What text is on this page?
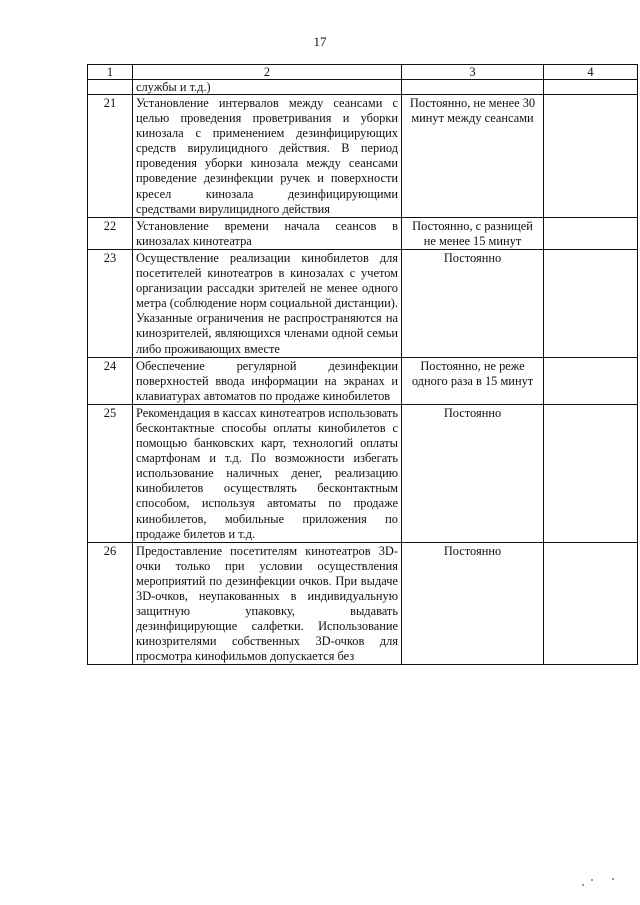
17
1	2	3	4
	службы и т.д.)		
21	Установление интервалов между сеансами с целью проведения проветривания и уборки кинозала с применением дезинфицирующих средств вирулицидного действия. В период проведения уборки кинозала между сеансами проведение дезинфекции ручек и поверхности кресел кинозала дезинфицирующими средствами вирулицидного действия	Постоянно, не менее 30 минут между сеансами	
22	Установление времени начала сеансов в кинозалах кинотеатра	Постоянно, с разницей не менее 15 минут	
23	Осуществление реализации кинобилетов для посетителей кинотеатров в кинозалах с учетом организации рассадки зрителей не менее одного метра (соблюдение норм социальной дистанции). Указанные ограничения не распространяются на кинозрителей, являющихся членами одной семьи либо проживающих вместе	Постоянно	
24	Обеспечение регулярной дезинфекции поверхностей ввода информации на экранах и клавиатурах автоматов по продаже кинобилетов	Постоянно, не реже одного раза в 15 минут	
25	Рекомендация в кассах кинотеатров использовать бесконтактные способы оплаты кинобилетов с помощью банковских карт, технологий оплаты смартфонам и т.д. По возможности избегать использование наличных денег, реализацию кинобилетов осуществлять бесконтактным способом, используя автоматы по продаже кинобилетов, мобильные приложения по продаже билетов и т.д.	Постоянно	
26	Предоставление посетителям кинотеатров 3D-очки только при условии осуществления мероприятий по дезинфекции очков. При выдаче 3D-очков, неупакованных в индивидуальную защитную упаковку, выдавать дезинфицирующие салфетки. Использование кинозрителями собственных 3D-очков для просмотра кинофильмов допускается без	Постоянно	
